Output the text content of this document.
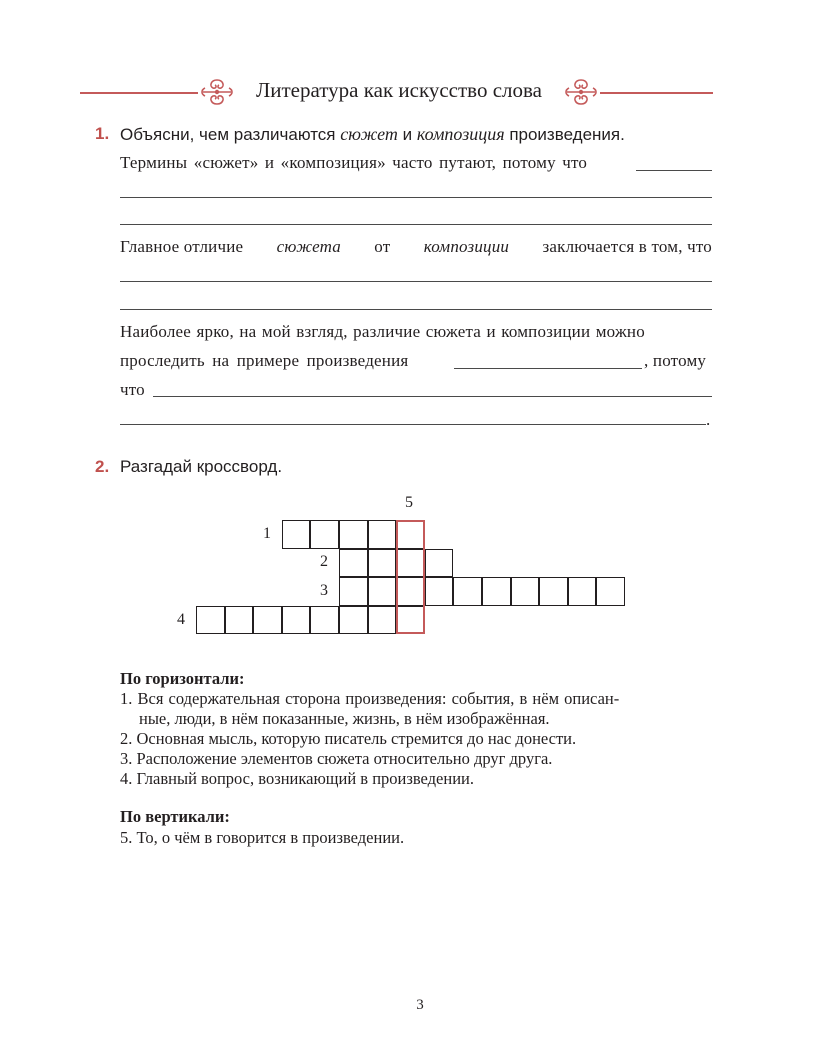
Литература как искусство слова
1. Объясни, чем различаются сюжет и композиция произведения.
Термины «сюжет» и «композиция» часто путают, потому что
Главное отличие сюжета от композиции заключается в том, что
Наиболее ярко, на мой взгляд, различие сюжета и композиции можно
проследить на примере произведения	, потому
что
.
2. Разгадай кроссворд.
5
1
2
3
4
По горизонтали:
1. Вся содержательная сторона произведения: события, в нём описан-
ные, люди, в нём показанные, жизнь, в нём изображённая.
2. Основная мысль, которую писатель стремится до нас донести.
3. Расположение элементов сюжета относительно друг друга.
4. Главный вопрос, возникающий в произведении.
По вертикали:
5. То, о чём в говорится в произведении.
3
